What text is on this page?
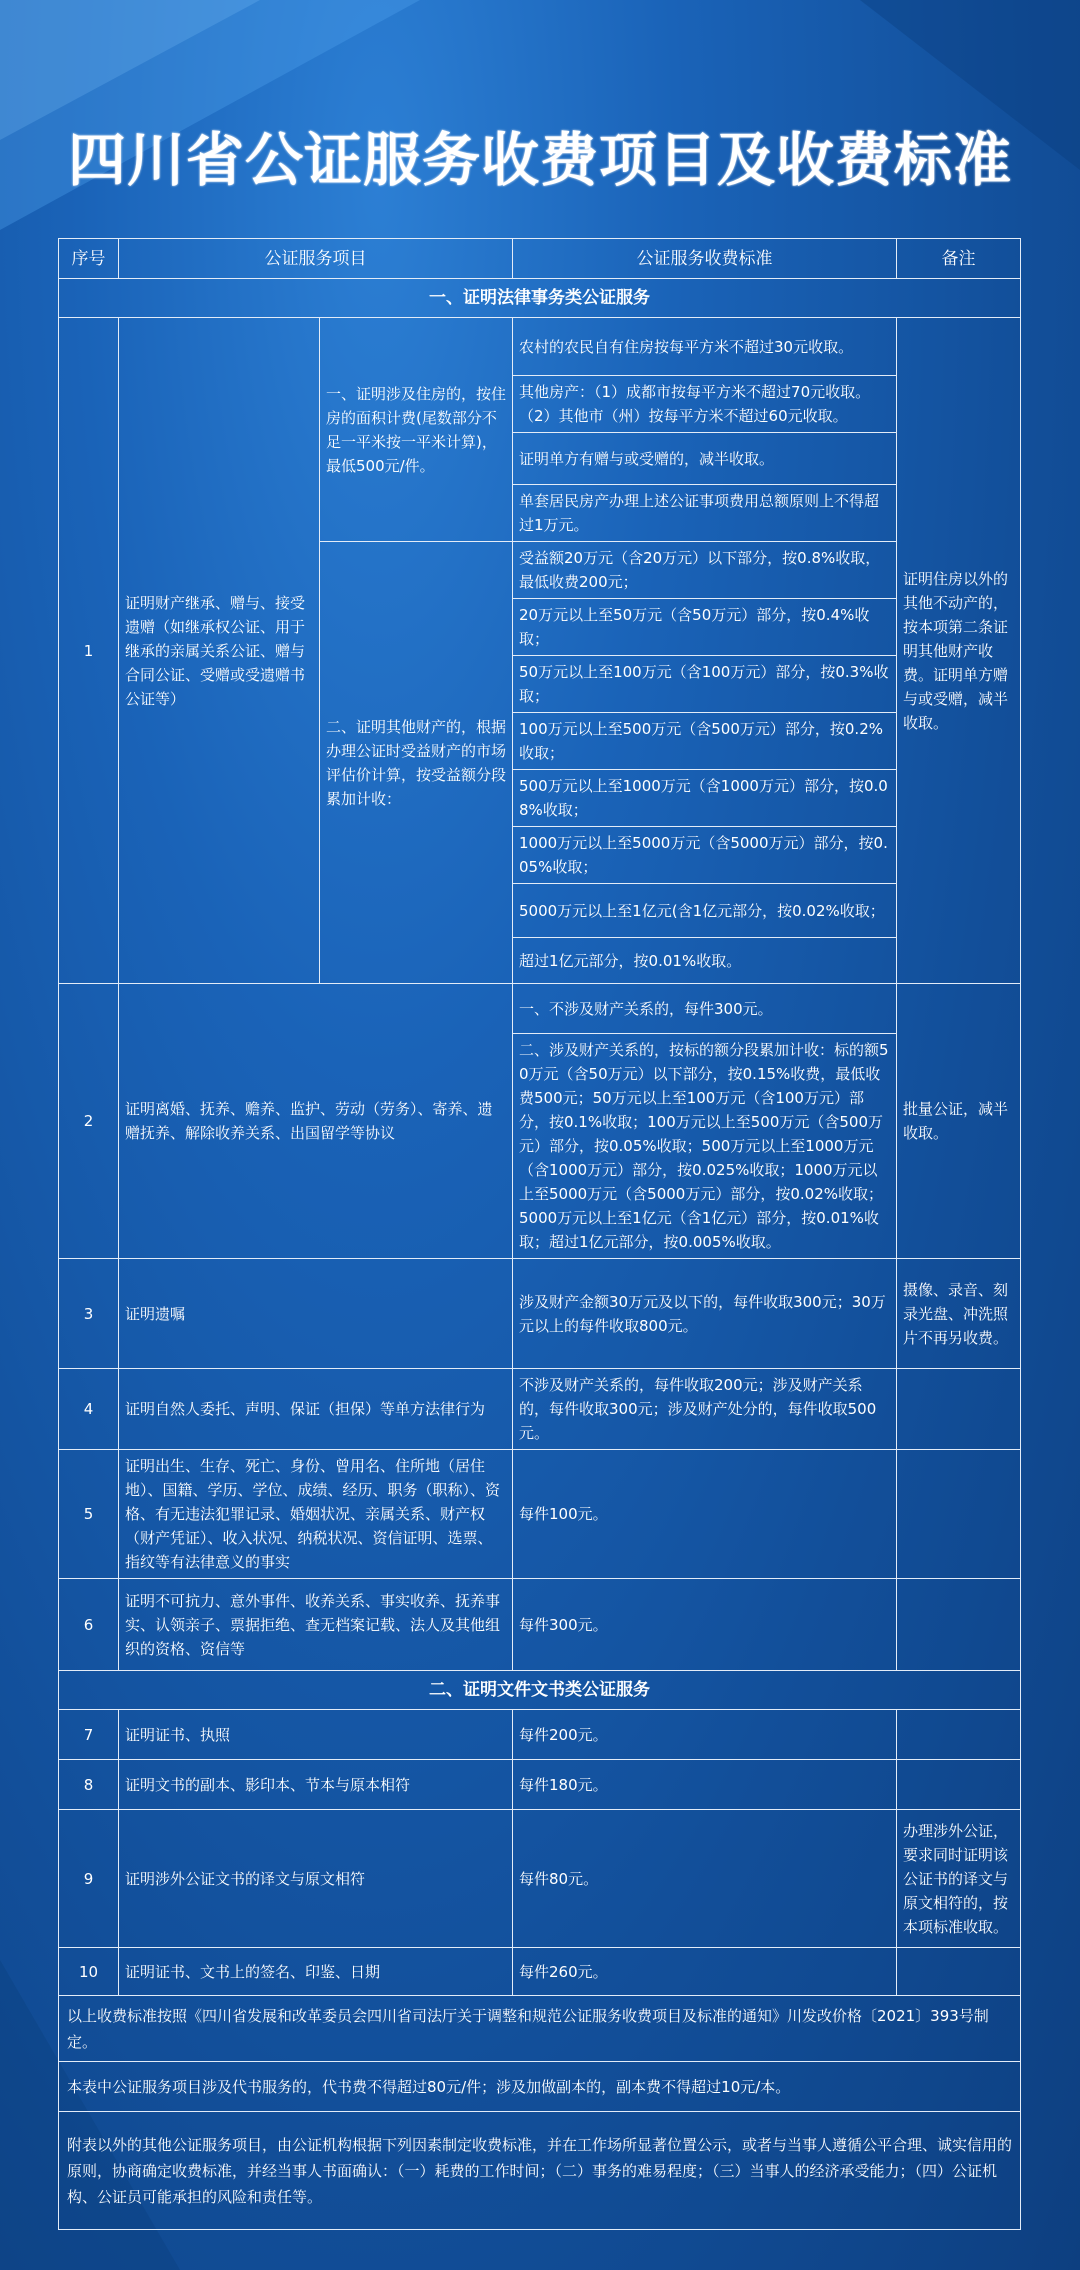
四川省公证服务收费项目及收费标准
序号	公证服务项目		公证服务收费标准	备注
一、证明法律事务类公证服务				
1	证明财产继承、赠与、接受遗赠（如继承权公证、用于继承的亲属关系公证、赠与合同公证、受赠或受遗赠书公证等）	一、证明涉及住房的，按住房的面积计费(尾数部分不足一平米按一平米计算)，最低500元/件。	农村的农民自有住房按每平方米不超过30元收取。	证明住房以外的其他不动产的，按本项第二条证明其他财产收费。证明单方赠与或受赠，减半收取。
			其他房产：（1）成都市按每平方米不超过70元收取。（2）其他市（州）按每平方米不超过60元收取。	
			证明单方有赠与或受赠的，减半收取。	
			单套居民房产办理上述公证事项费用总额原则上不得超过1万元。	
		二、证明其他财产的，根据办理公证时受益财产的市场评估价计算，按受益额分段累加计收：	受益额20万元（含20万元）以下部分，按0.8%收取，最低收费200元；	
			20万元以上至50万元（含50万元）部分，按0.4%收取；	
			50万元以上至100万元（含100万元）部分，按0.3%收取；	
			100万元以上至500万元（含500万元）部分，按0.2%收取；	
			500万元以上至1000万元（含1000万元）部分，按0.08%收取；	
			1000万元以上至5000万元（含5000万元）部分，按0.05%收取；	
			5000万元以上至1亿元(含1亿元部分，按0.02%收取；	
			超过1亿元部分，按0.01%收取。	
2	证明离婚、抚养、赡养、监护、劳动（劳务）、寄养、遗赠抚养、解除收养关系、出国留学等协议		一、不涉及财产关系的，每件300元。	批量公证，减半收取。
			二、涉及财产关系的，按标的额分段累加计收：标的额50万元（含50万元）以下部分，按0.15%收费，最低收费500元；50万元以上至100万元（含100万元）部分，按0.1%收取；100万元以上至500万元（含500万元）部分，按0.05%收取；500万元以上至1000万元（含1000万元）部分，按0.025%收取；1000万元以上至5000万元（含5000万元）部分，按0.02%收取；5000万元以上至1亿元（含1亿元）部分，按0.01%收取；超过1亿元部分，按0.005%收取。	
3	证明遗嘱		涉及财产金额30万元及以下的，每件收取300元；30万元以上的每件收取800元。	摄像、录音、刻录光盘、冲洗照片不再另收费。
4	证明自然人委托、声明、保证（担保）等单方法律行为		不涉及财产关系的，每件收取200元；涉及财产关系的，每件收取300元；涉及财产处分的，每件收取500元。	
5	证明出生、生存、死亡、身份、曾用名、住所地（居住地）、国籍、学历、学位、成绩、经历、职务（职称）、资格、有无违法犯罪记录、婚姻状况、亲属关系、财产权（财产凭证）、收入状况、纳税状况、资信证明、选票、指纹等有法律意义的事实		每件100元。	
6	证明不可抗力、意外事件、收养关系、事实收养、抚养事实、认领亲子、票据拒绝、查无档案记载、法人及其他组织的资格、资信等		每件300元。	
二、证明文件文书类公证服务				
7	证明证书、执照		每件200元。	
8	证明文书的副本、影印本、节本与原本相符		每件180元。	
9	证明涉外公证文书的译文与原文相符		每件80元。	办理涉外公证，要求同时证明该公证书的译文与原文相符的，按本项标准收取。
10	证明证书、文书上的签名、印鉴、日期		每件260元。	
以上收费标准按照《四川省发展和改革委员会四川省司法厅关于调整和规范公证服务收费项目及标准的通知》川发改价格〔2021〕393号制定。				
本表中公证服务项目涉及代书服务的，代书费不得超过80元/件；涉及加做副本的，副本费不得超过10元/本。				
附表以外的其他公证服务项目，由公证机构根据下列因素制定收费标准，并在工作场所显著位置公示，或者与当事人遵循公平合理、诚实信用的原则，协商确定收费标准，并经当事人书面确认：（一）耗费的工作时间；（二）事务的难易程度；（三）当事人的经济承受能力；（四）公证机构、公证员可能承担的风险和责任等。				
